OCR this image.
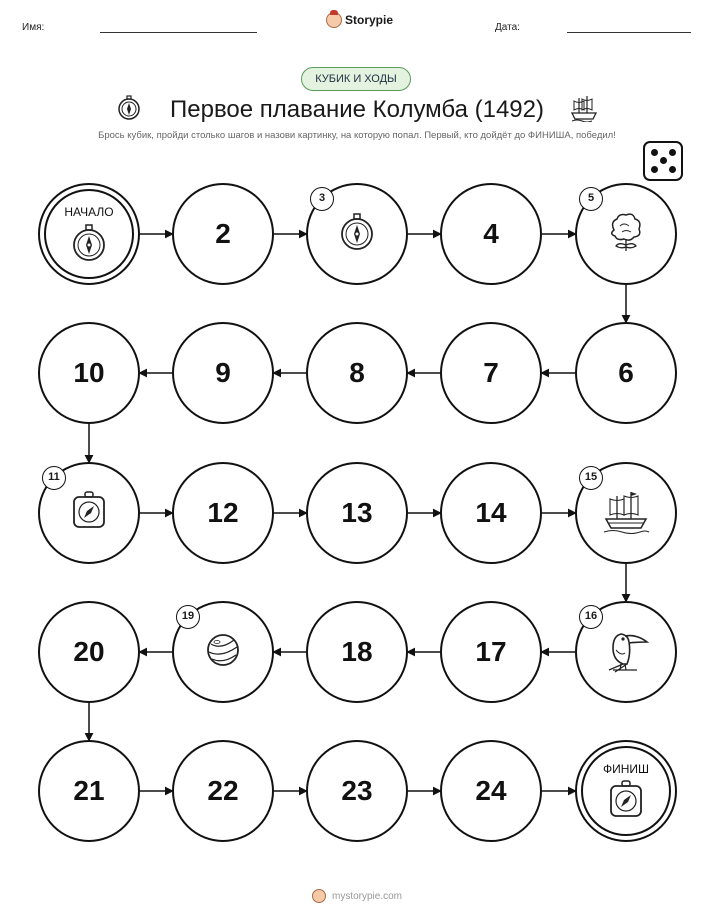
Имя:
Storypie
Дата:
КУБИК И ХОДЫ
Первое плавание Колумба (1492)
Брось кубик, пройди столько шагов и назови картинку, на которую попал. Первый, кто дойдёт до ФИНИША, победил!
НАЧАЛО
2
3
4
5
6
7
8
9
10
11
12	13	14
15
16
17
18
19
20
21	22	23	24
ФИНИШ
mystorypie.com
